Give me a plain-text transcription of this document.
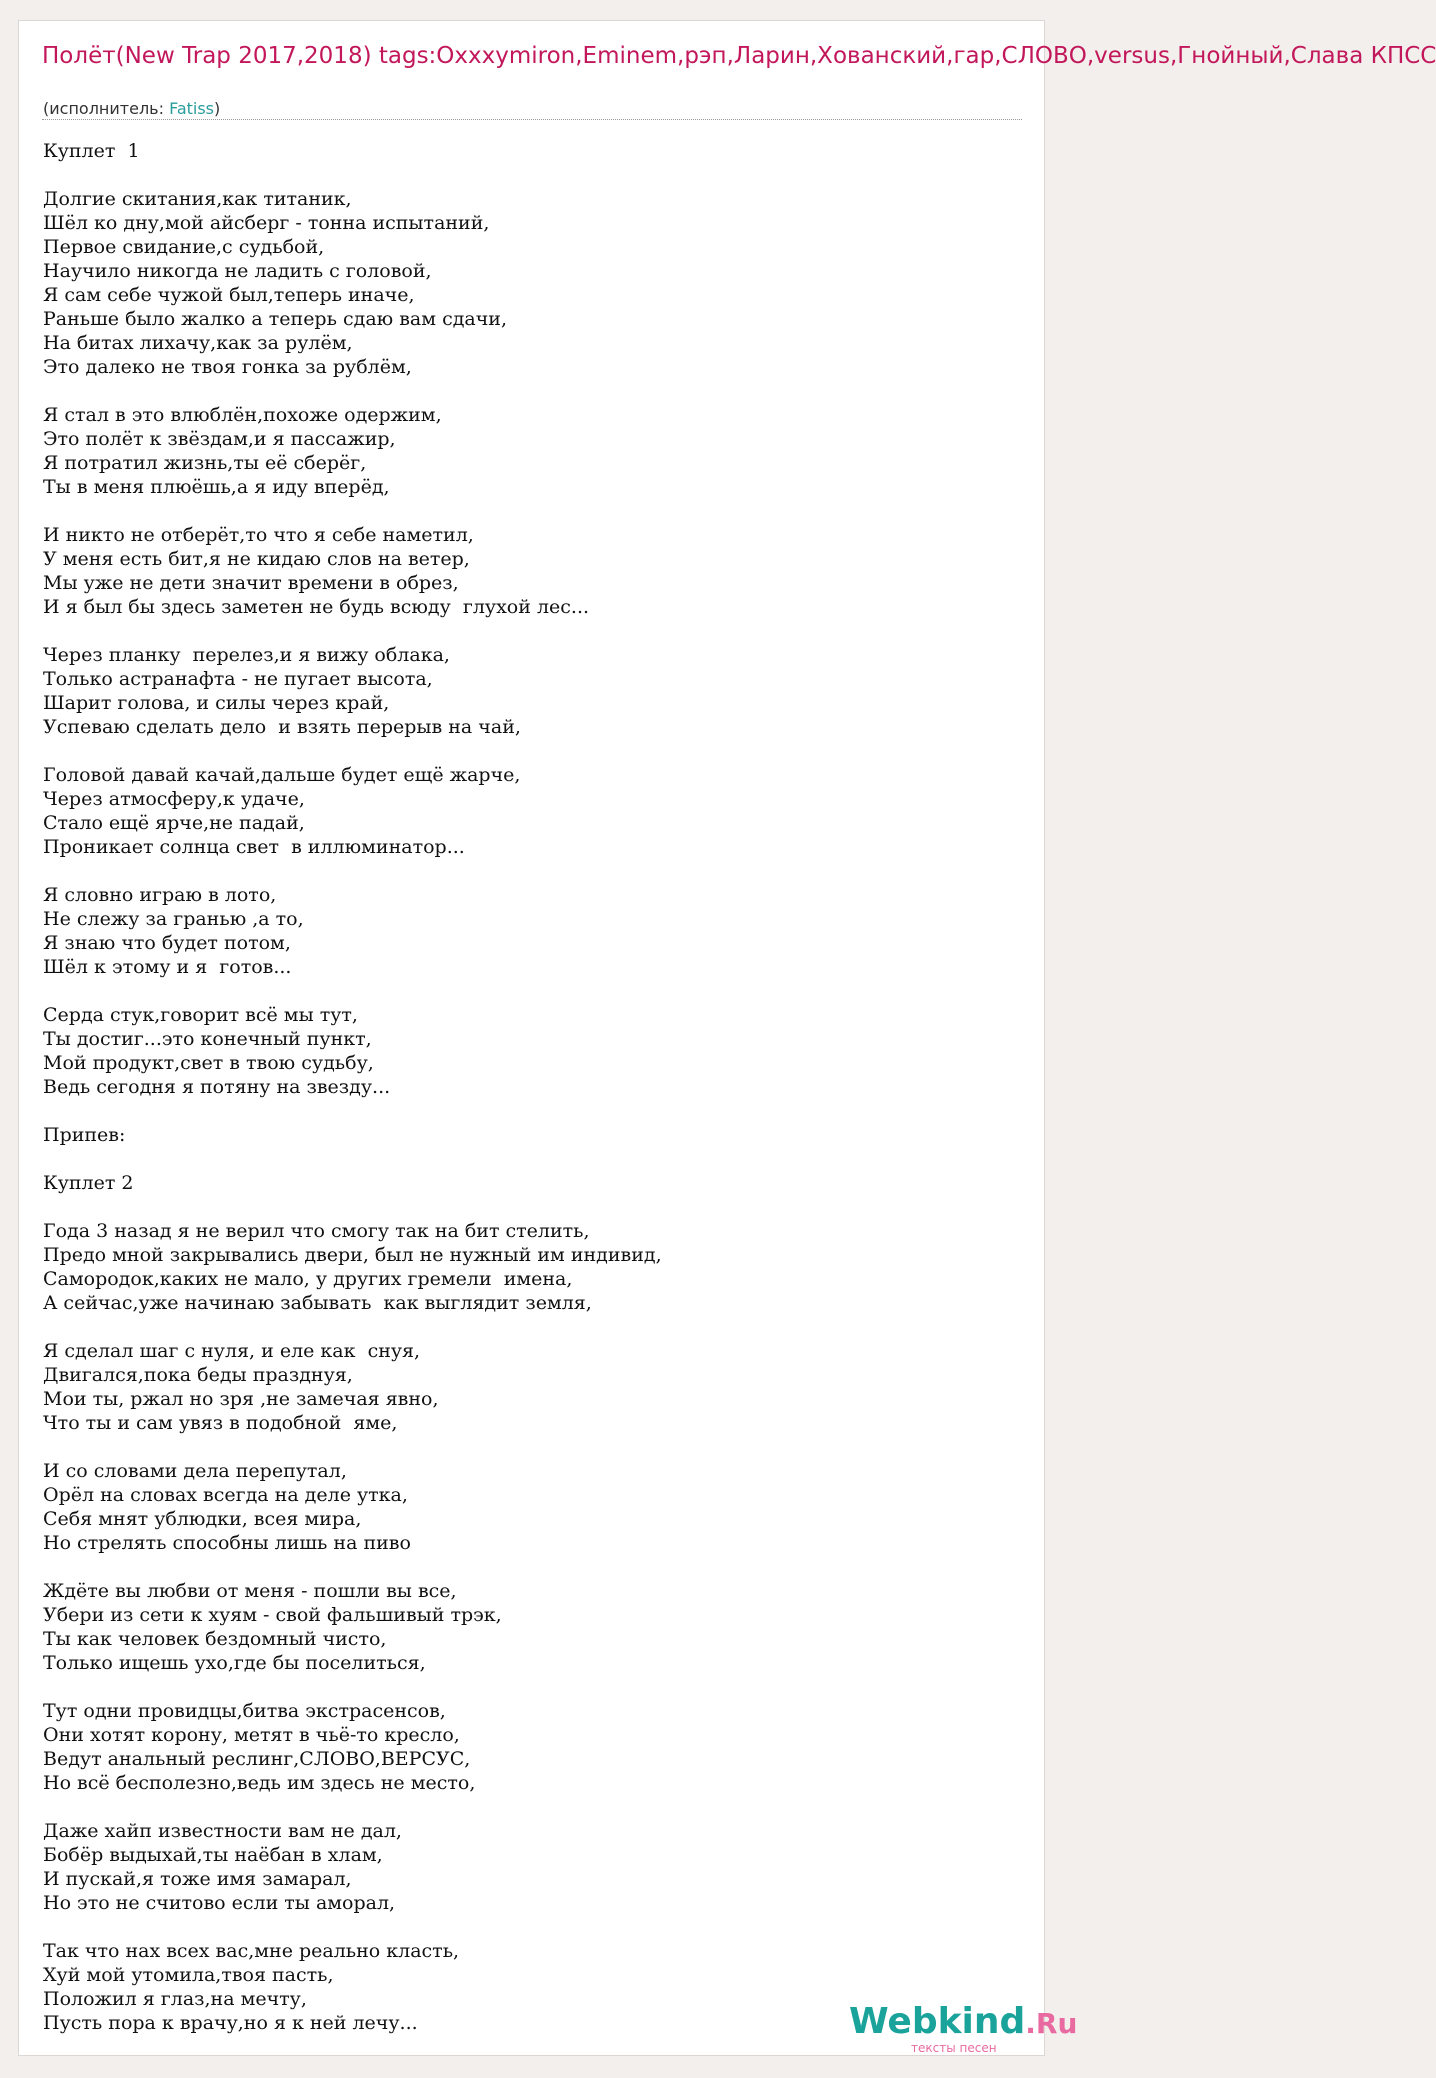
Полёт(New Trap 2017,2018) tags:Oxxxymiron,Eminem,рэп,Ларин,Хованский,гар,СЛОВО,versus,Гнойный,Слава КПСС
(исполнитель: Fatiss)
Куплет  1
Долгие скитания,как титаник,
Шёл ко дну,мой айсберг - тонна испытаний,
Первое свидание,с судьбой,
Научило никогда не ладить с головой,
Я сам себе чужой был,теперь иначе,
Раньше было жалко а теперь сдаю вам сдачи,
На битах лихачу,как за рулём,
Это далеко не твоя гонка за рублём,
Я стал в это влюблён,похоже одержим,
Это полёт к звёздам,и я пассажир,
Я потратил жизнь,ты её сберёг,
Ты в меня плюёшь,а я иду вперёд,
И никто не отберёт,то что я себе наметил,
У меня есть бит,я не кидаю слов на ветер,
Мы уже не дети значит времени в обрез,
И я был бы здесь заметен не будь всюду  глухой лес...
Через планку  перелез,и я вижу облака,
Только астранафта - не пугает высота,
Шарит голова, и силы через край,
Успеваю сделать дело  и взять перерыв на чай,
Головой давай качай,дальше будет ещё жарче,
Через атмосферу,к удаче,
Стало ещё ярче,не падай,
Проникает солнца свет  в иллюминатор...
Я словно играю в лото,
Не слежу за гранью ,а то,
Я знаю что будет потом,
Шёл к этому и я  готов...
Серда стук,говорит всё мы тут,
Ты достиг...это конечный пункт,
Мой продукт,свет в твою судьбу,
Ведь сегодня я потяну на звезду...
Припев:
Куплет 2
Года 3 назад я не верил что смогу так на бит стелить,
Предо мной закрывались двери, был не нужный им индивид,
Самородок,каких не мало, у других гремели  имена,
А сейчас,уже начинаю забывать  как выглядит земля,
Я сделал шаг с нуля, и еле как  снуя,
Двигался,пока беды празднуя,
Мои ты, ржал но зря ,не замечая явно,
Что ты и сам увяз в подобной  яме,
И со словами дела перепутал,
Орёл на словах всегда на деле утка,
Себя мнят ублюдки, всея мира,
Но стрелять способны лишь на пиво
Ждёте вы любви от меня - пошли вы все,
Убери из сети к хуям - свой фальшивый трэк,
Ты как человек бездомный чисто,
Только ищешь ухо,где бы поселиться,
Тут одни провидцы,битва экстрасенсов,
Они хотят корону, метят в чьё-то кресло,
Ведут анальный реслинг,СЛОВО,ВЕРСУС,
Но всё бесполезно,ведь им здесь не место,
Даже хайп известности вам не дал,
Бобёр выдыхай,ты наёбан в хлам,
И пускай,я тоже имя замарал,
Но это не считово если ты аморал,
Так что нах всех вас,мне реально класть,
Хуй мой утомила,твоя пасть,
Положил я глаз,на мечту,
Пусть пора к врачу,но я к ней лечу...	Webkind.Ru
тексты песен
